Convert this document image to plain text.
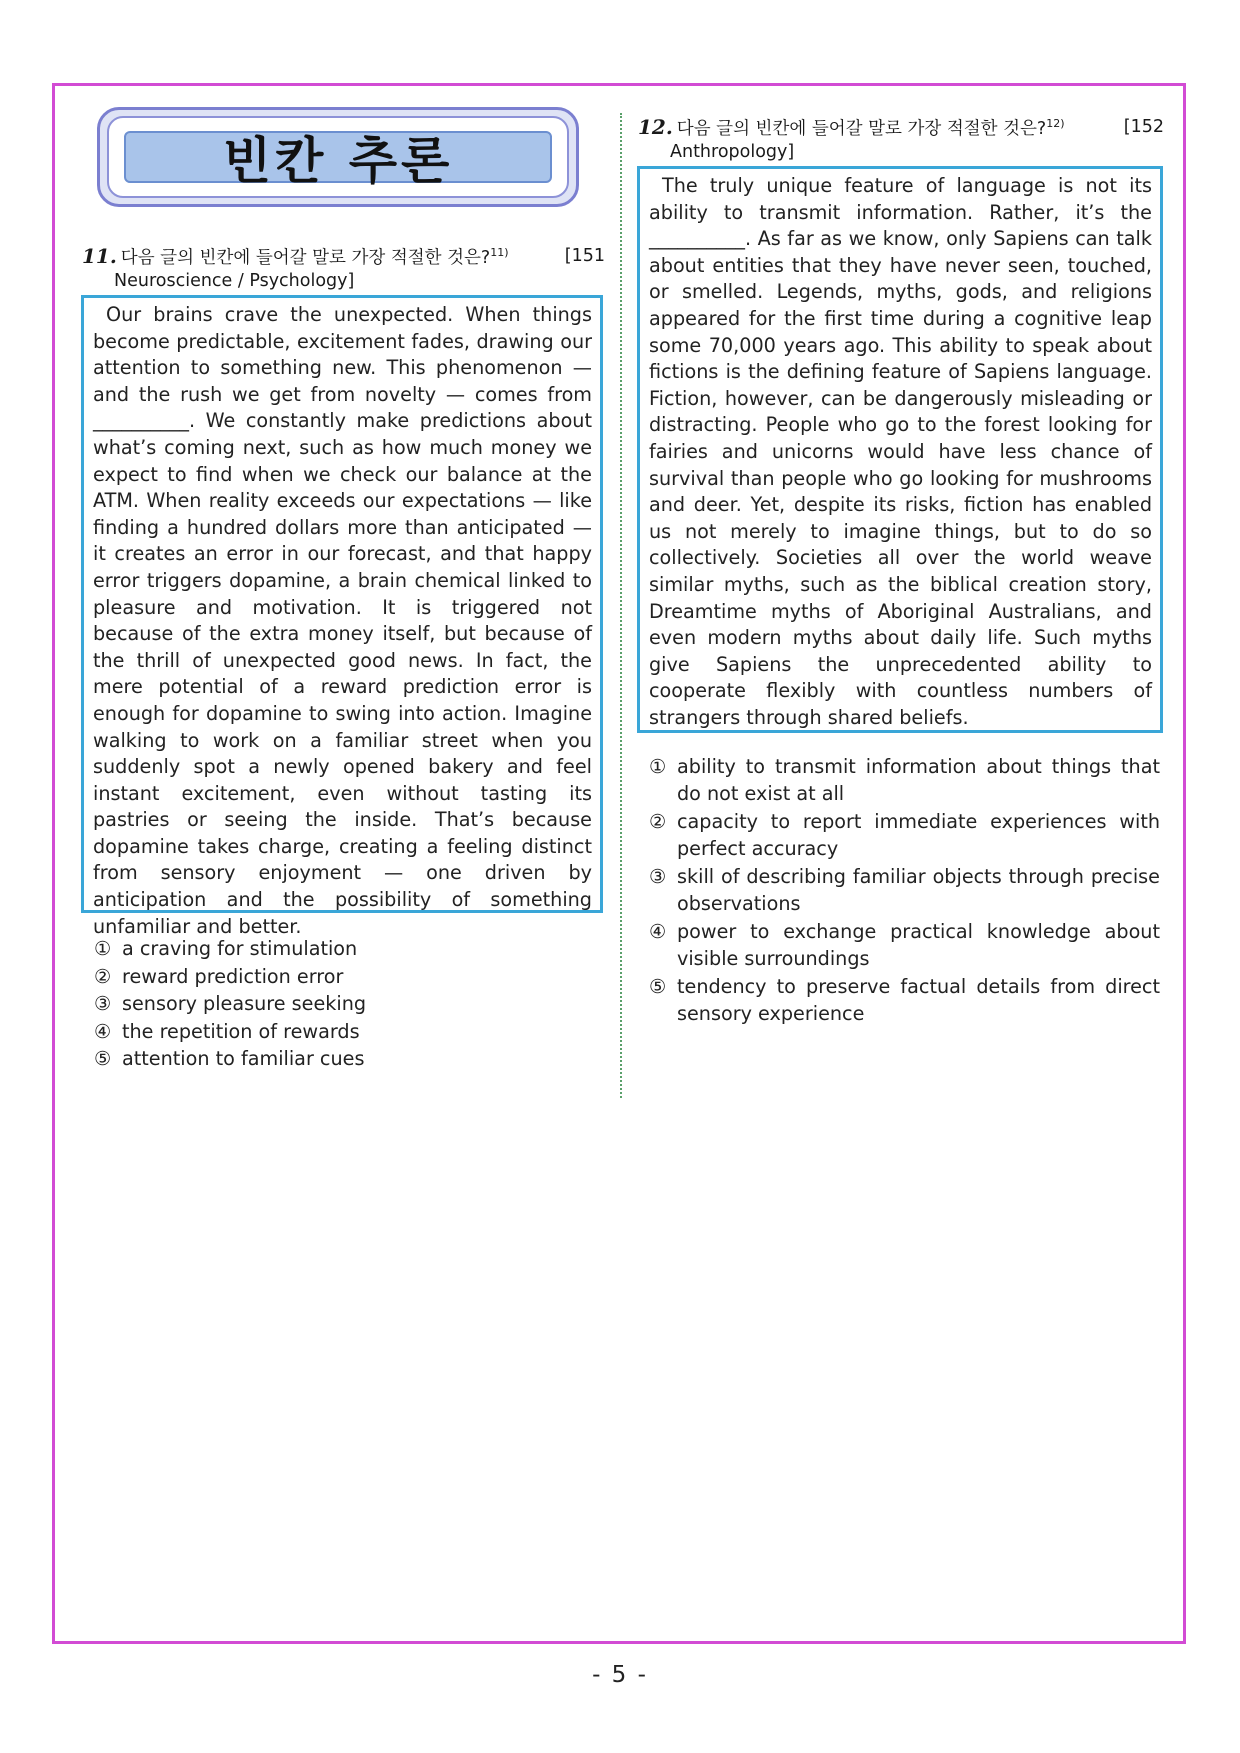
빈칸 추론
11. 다음 글의 빈칸에 들어갈 말로 가장 적절한 것은?$^{11)}$	[151
Neuroscience / Psychology]
Our brains crave the unexpected. When things become predictable, excitement fades, drawing our attention to something new. This phenomenon — and the rush we get from novelty — comes from __________. We constantly make predictions about what’s coming next, such as how much money we expect to find when we check our balance at the ATM. When reality exceeds our expectations — like finding a hundred dollars more than anticipated — it creates an error in our forecast, and that happy error triggers dopamine, a brain chemical linked to pleasure and motivation. It is triggered not because of the extra money itself, but because of the thrill of unexpected good news. In fact, the mere potential of a reward prediction error is enough for dopamine to swing into action. Imagine walking to work on a familiar street when you suddenly spot a newly opened bakery and feel instant excitement, even without tasting its pastries or seeing the inside. That’s because dopamine takes charge, creating a feeling distinct from sensory enjoyment — one driven by anticipation and the possibility of something unfamiliar and better.
① a craving for stimulation
② reward prediction error
③ sensory pleasure seeking
④ the repetition of rewards
⑤ attention to familiar cues
12. 다음 글의 빈칸에 들어갈 말로 가장 적절한 것은?$^{12)}$	[152
Anthropology]
The truly unique feature of language is not its ability to transmit information. Rather, it’s the __________. As far as we know, only Sapiens can talk about entities that they have never seen, touched, or smelled. Legends, myths, gods, and religions appeared for the first time during a cognitive leap some 70,000 years ago. This ability to speak about fictions is the defining feature of Sapiens language. Fiction, however, can be dangerously misleading or distracting. People who go to the forest looking for fairies and unicorns would have less chance of survival than people who go looking for mushrooms and deer. Yet, despite its risks, fiction has enabled us not merely to imagine things, but to do so collectively. Societies all over the world weave similar myths, such as the biblical creation story, Dreamtime myths of Aboriginal Australians, and even modern myths about daily life. Such myths give Sapiens the unprecedented ability to cooperate flexibly with countless numbers of strangers through shared beliefs.
① ability to transmit information about things that do not exist at all
② capacity to report immediate experiences with perfect accuracy
③ skill of describing familiar objects through precise observations
④ power to exchange practical knowledge about visible surroundings
⑤ tendency to preserve factual details from direct sensory experience
- 5 -
